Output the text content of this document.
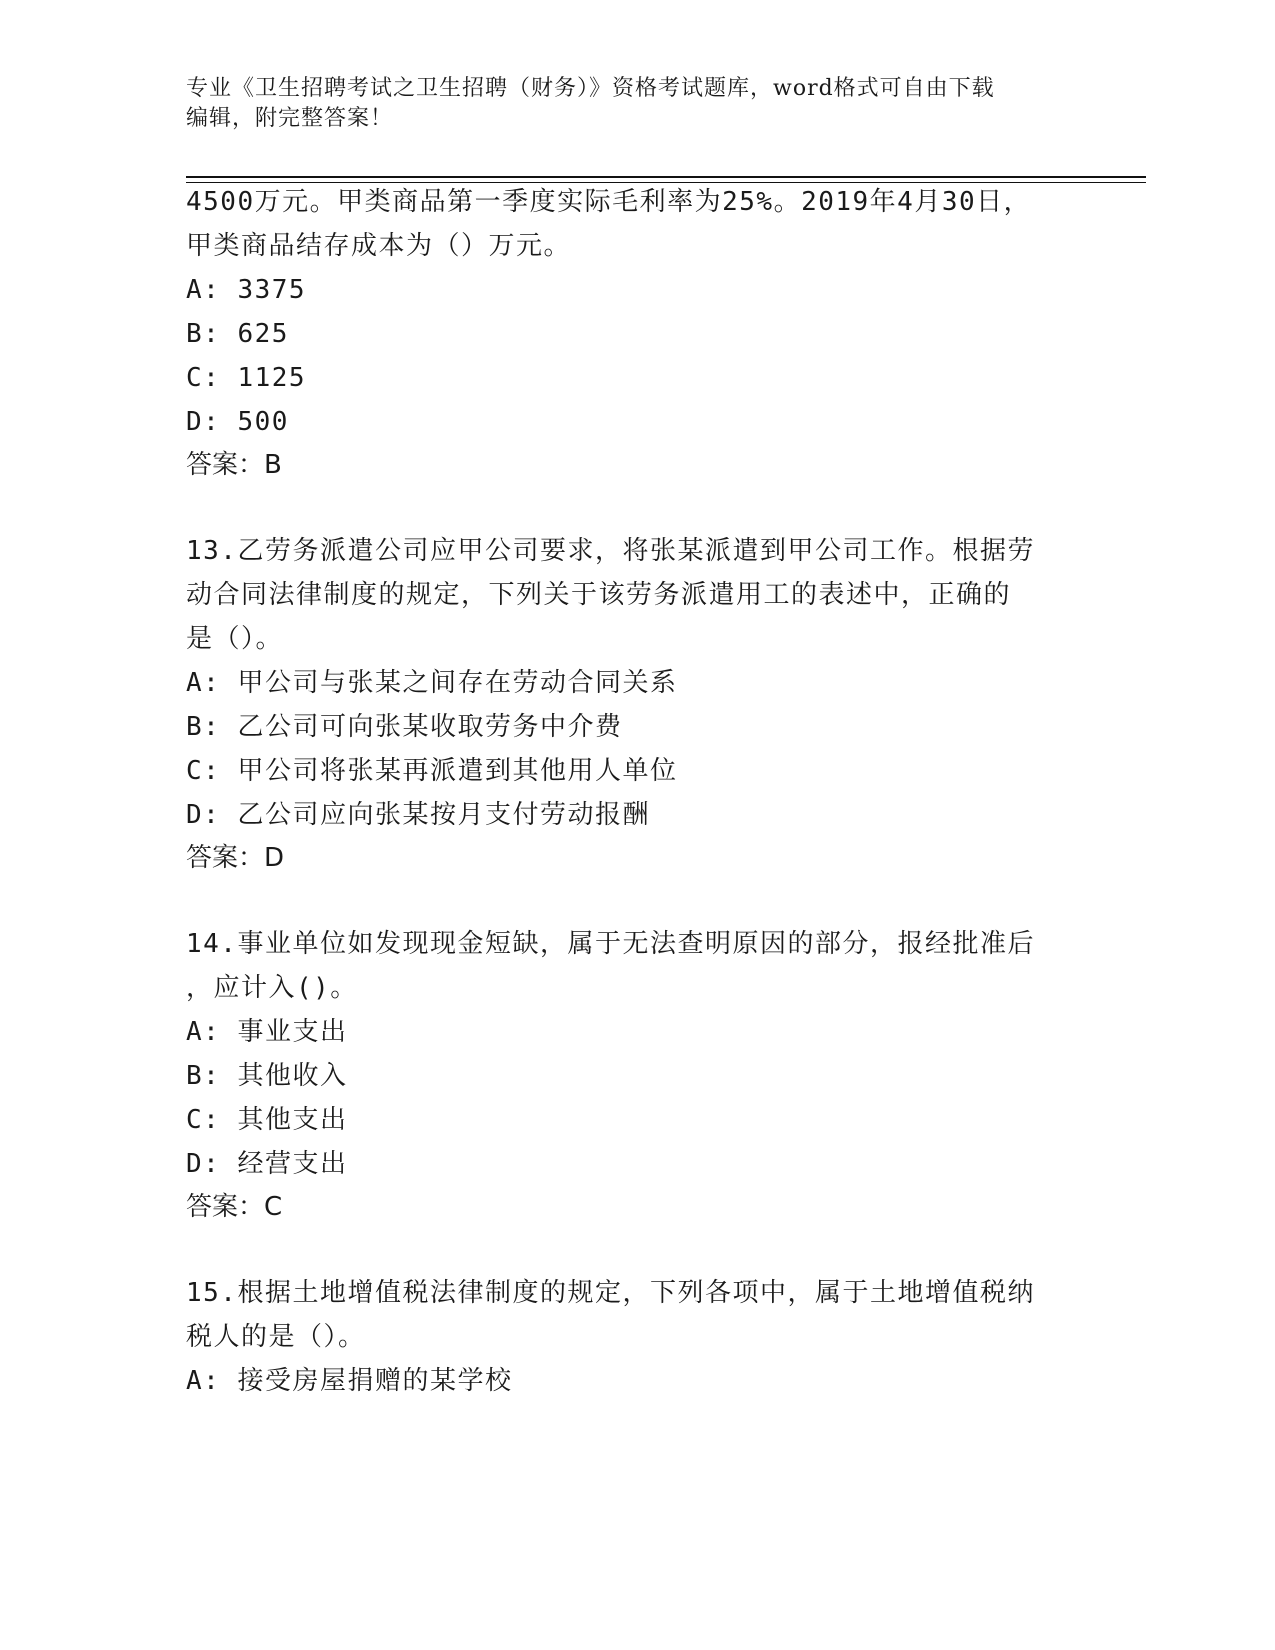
专业《卫生招聘考试之卫生招聘（财务）》资格考试题库，word格式可自由下载
编辑，附完整答案！
4500万元。甲类商品第一季度实际毛利率为25%。2019年4月30日，
甲类商品结存成本为（）万元。
A: 3375
B: 625
C: 1125
D: 500
答案：B
13.乙劳务派遣公司应甲公司要求，将张某派遣到甲公司工作。根据劳
动合同法律制度的规定，下列关于该劳务派遣用工的表述中，正确的
是（）。
A: 甲公司与张某之间存在劳动合同关系
B: 乙公司可向张某收取劳务中介费
C: 甲公司将张某再派遣到其他用人单位
D: 乙公司应向张某按月支付劳动报酬
答案：D
14.事业单位如发现现金短缺，属于无法查明原因的部分，报经批准后
，应计入()。
A: 事业支出
B: 其他收入
C: 其他支出
D: 经营支出
答案：C
15.根据土地增值税法律制度的规定，下列各项中，属于土地增值税纳
税人的是（）。
A: 接受房屋捐赠的某学校
